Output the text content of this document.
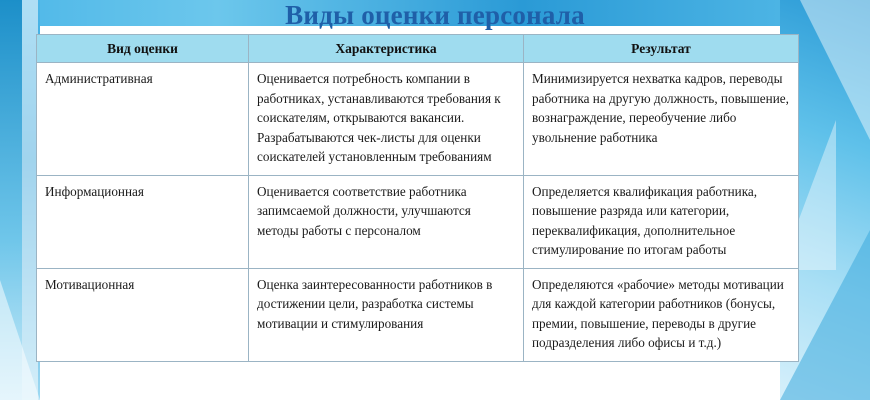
Виды оценки персонала
Вид оценки	Характеристика	Результат
Административная	Оценивается потребность компании в работниках, устанавливаются требования к соискателям, открываются вакансии. Разрабатываются чек-листы для оценки соискателей установленным требованиям	Минимизируется нехватка кадров, переводы работника на другую должность, повышение, вознаграждение, переобучение либо увольнение работника
Информационная	Оценивается соответствие работника запимсаемой должности, улучшаются методы работы с персоналом	Определяется квалификация работника, повышение разряда или категории, переквалификация, дополнительное стимулирование по итогам работы
Мотивационная	Оценка заинтересованности работников в достижении цели, разработка системы мотивации и стимулирования	Определяются «рабочие» методы мотивации для каждой категории работников (бонусы, премии, повышение, переводы в другие подразделения либо офисы и т.д.)
